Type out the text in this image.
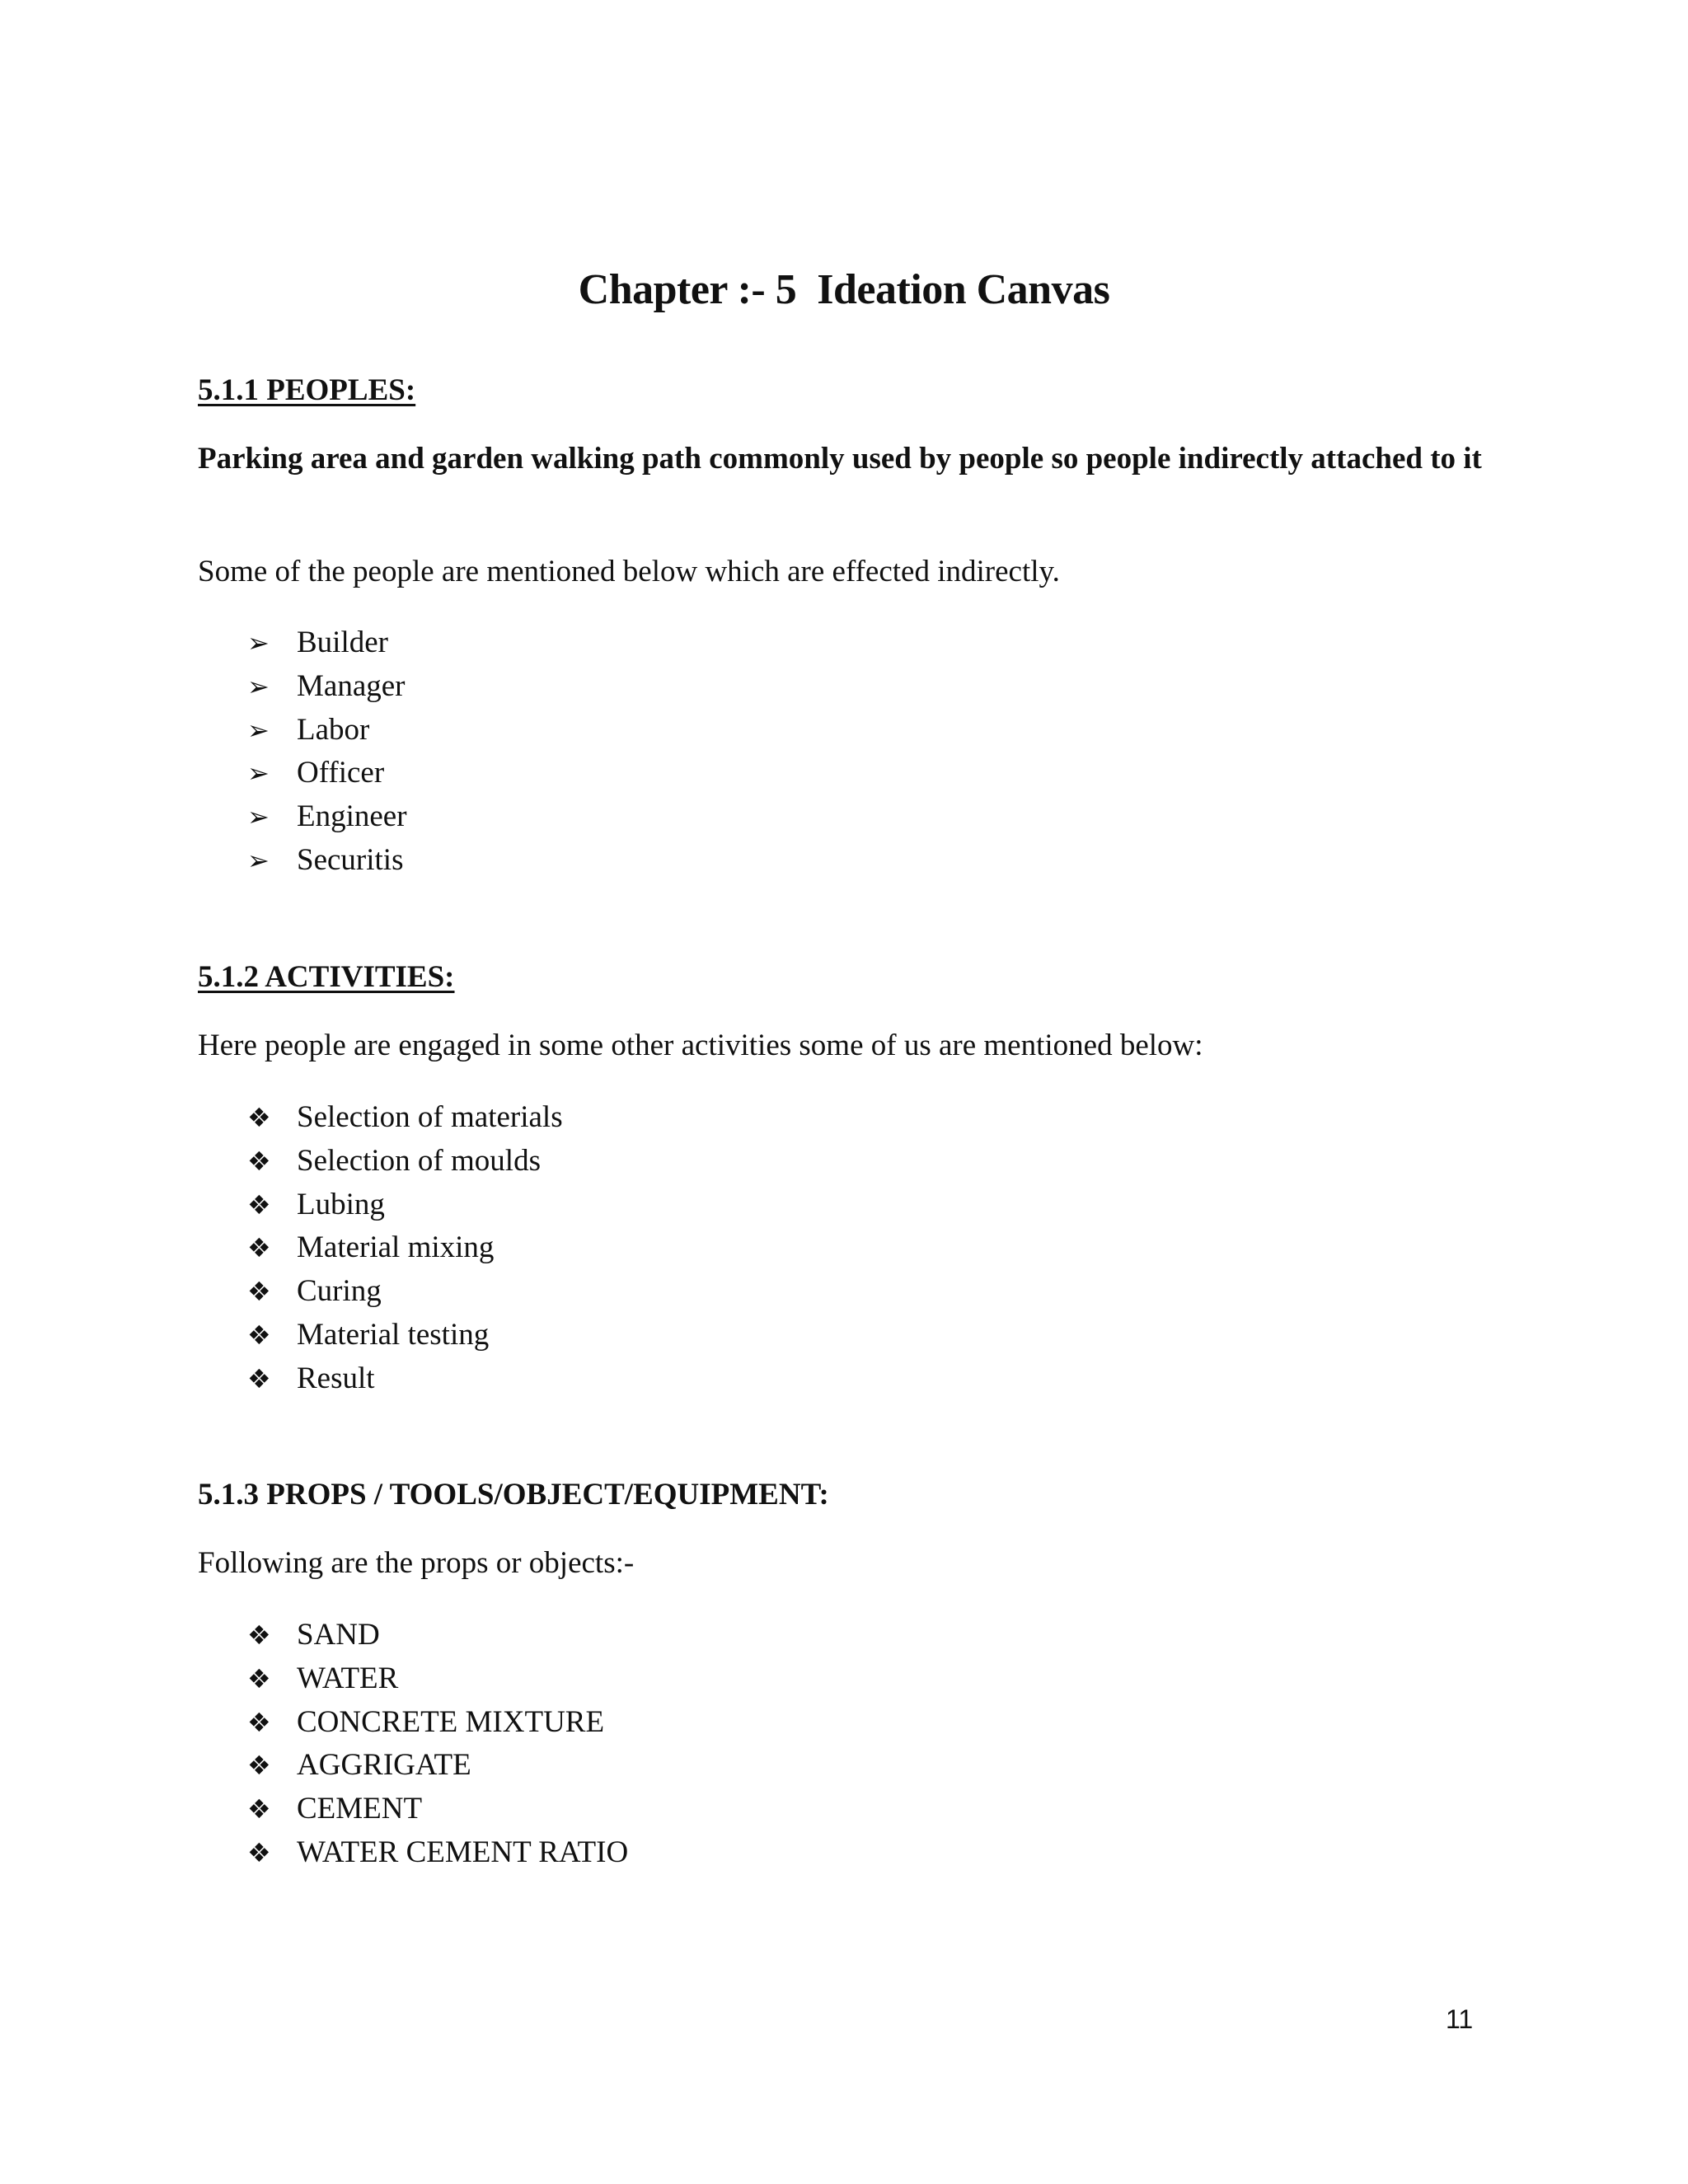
Chapter :- 5  Ideation Canvas
5.1.1 PEOPLES:

Parking area and garden walking path commonly used by people so people indirectly attached to it

Some of the people are mentioned below which are effected indirectly.

➢ Builder
➢ Manager
➢ Labor
➢ Officer
➢ Engineer
➢ Securitis
5.1.2 ACTIVITIES:

Here people are engaged in some other activities some of us are mentioned below:

❖ Selection of materials
❖ Selection of moulds
❖ Lubing
❖ Material mixing
❖ Curing
❖ Material testing
❖ Result
5.1.3 PROPS / TOOLS/OBJECT/EQUIPMENT:

Following are the props or objects:-

❖ SAND
❖ WATER
❖ CONCRETE MIXTURE
❖ AGGRIGATE
❖ CEMENT
❖ WATER CEMENT RATIO
11
